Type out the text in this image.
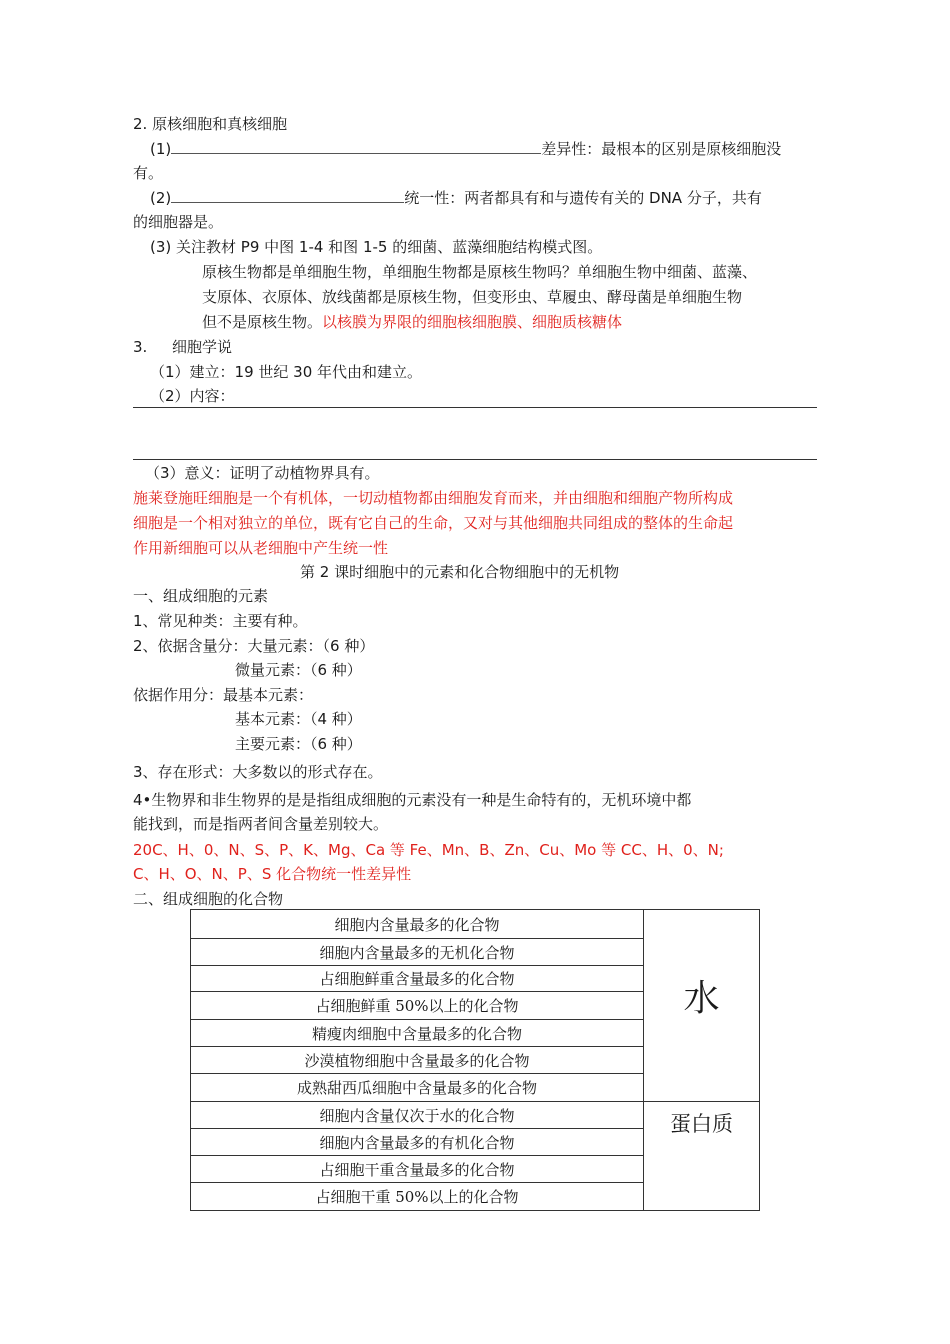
2. 原核细胞和真核细胞
(1)	差异性：最根本的区别是原核细胞没
有。
(2)	统一性：两者都具有和与遗传有关的 DNA 分子，共有
的细胞器是。
(3) 关注教材 P9 中图 1-4 和图 1-5 的细菌、蓝藻细胞结构模式图。
原核生物都是单细胞生物，单细胞生物都是原核生物吗？单细胞生物中细菌、蓝藻、
支原体、衣原体、放线菌都是原核生物，但变形虫、草履虫、酵母菌是单细胞生物
但不是原核生物。以核膜为界限的细胞核细胞膜、细胞质核糖体
3. 细胞学说
（1）建立：19 世纪 30 年代由和建立。
（2）内容：
（3）意义：证明了动植物界具有。
施莱登施旺细胞是一个有机体，一切动植物都由细胞发育而来，并由细胞和细胞产物所构成
细胞是一个相对独立的单位，既有它自己的生命，又对与其他细胞共同组成的整体的生命起
作用新细胞可以从老细胞中产生统一性
第 2 课时细胞中的元素和化合物细胞中的无机物
一、组成细胞的元素
1、常见种类：主要有种。
2、依据含量分：大量元素：（6 种）
微量元素：（6 种）
依据作用分：最基本元素：
基本元素：（4 种）
主要元素：（6 种）
3、存在形式：大多数以的形式存在。
4•生物界和非生物界的是是指组成细胞的元素没有一种是生命特有的，无机环境中都
能找到，而是指两者间含量差别较大。
20C、H、0、N、S、P、K、Mg、Ca 等 Fe、Mn、B、Zn、Cu、Mo 等 CC、H、0、N;
C、H、O、N、P、S 化合物统一性差异性
二、组成细胞的化合物
细胞内含量最多的化合物	水

细胞内含量最多的无机化合物	
占细胞鲜重含量最多的化合物	
占细胞鲜重 50%以上的化合物	
精瘦肉细胞中含量最多的化合物	
沙漠植物细胞中含量最多的化合物	
成熟甜西瓜细胞中含量最多的化合物	
细胞内含量仅次于水的化合物	蛋白质

细胞内含量最多的有机化合物	
占细胞干重含量最多的化合物	
占细胞干重 50%以上的化合物	
